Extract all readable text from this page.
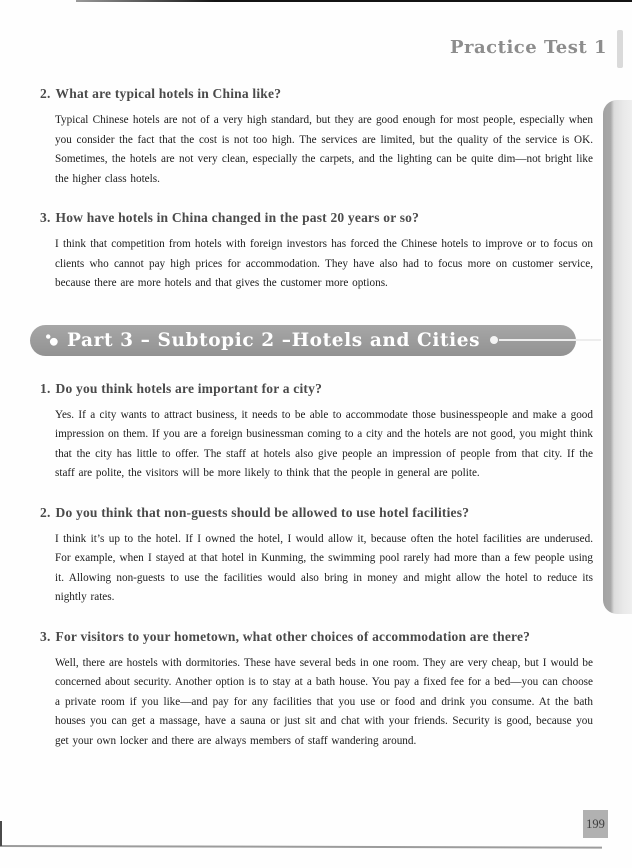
Practice Test 1
2. What are typical hotels in China like?

Typical Chinese hotels are not of a very high standard, but they are good enough for most people, especially when you consider the fact that the cost is not too high. The services are limited, but the quality of the service is OK. Sometimes, the hotels are not very clean, especially the carpets, and the lighting can be quite dim—not bright like the higher class hotels.

3. How have hotels in China changed in the past 20 years or so?

I think that competition from hotels with foreign investors has forced the Chinese hotels to improve or to focus on clients who cannot pay high prices for accommodation. They have also had to focus more on customer service, because there are more hotels and that gives the customer more options.

Part 3 – Subtopic 2 –Hotels and Cities
1. Do you think hotels are important for a city?

Yes. If a city wants to attract business, it needs to be able to accommodate those businesspeople and make a good impression on them. If you are a foreign businessman coming to a city and the hotels are not good, you might think that the city has little to offer. The staff at hotels also give people an impression of people from that city. If the staff are polite, the visitors will be more likely to think that the people in general are polite.

2. Do you think that non-guests should be allowed to use hotel facilities?

I think it’s up to the hotel. If I owned the hotel, I would allow it, because often the hotel facilities are underused. For example, when I stayed at that hotel in Kunming, the swimming pool rarely had more than a few people using it. Allowing non-guests to use the facilities would also bring in money and might allow the hotel to reduce its nightly rates.

3. For visitors to your hometown, what other choices of accommodation are there?

Well, there are hostels with dormitories. These have several beds in one room. They are very cheap, but I would be concerned about security. Another option is to stay at a bath house. You pay a fixed fee for a bed—you can choose a private room if you like—and pay for any facilities that you use or food and drink you consume. At the bath houses you can get a massage, have a sauna or just sit and chat with your friends. Security is good, because you get your own locker and there are always members of staff wandering around.

199
